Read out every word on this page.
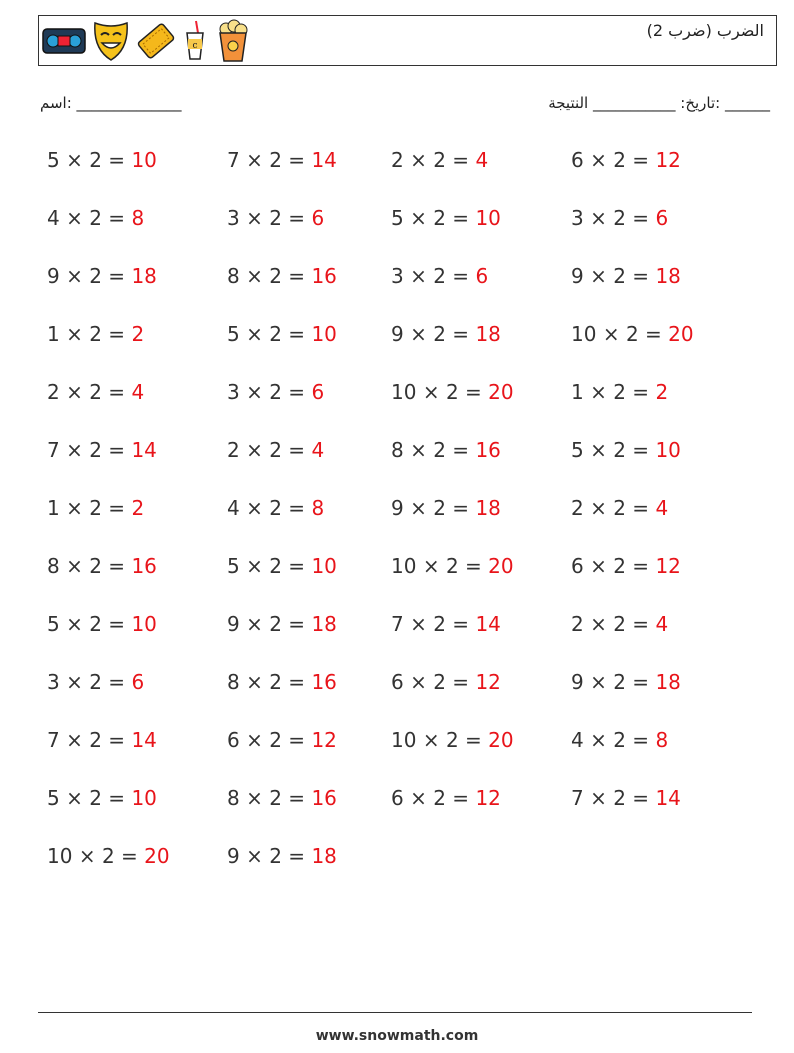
c
الضرب (ضرب 2)
______ :تاريخ: ___________ النتيجة
______________ :اسم
5 × 2 = 10
4 × 2 = 8
9 × 2 = 18
1 × 2 = 2
2 × 2 = 4
7 × 2 = 14
1 × 2 = 2
8 × 2 = 16
5 × 2 = 10
3 × 2 = 6
7 × 2 = 14
5 × 2 = 10
10 × 2 = 20
7 × 2 = 14
3 × 2 = 6
8 × 2 = 16
5 × 2 = 10
3 × 2 = 6
2 × 2 = 4
4 × 2 = 8
5 × 2 = 10
9 × 2 = 18
8 × 2 = 16
6 × 2 = 12
8 × 2 = 16
9 × 2 = 18
2 × 2 = 4
5 × 2 = 10
3 × 2 = 6
9 × 2 = 18
10 × 2 = 20
8 × 2 = 16
9 × 2 = 18
10 × 2 = 20
7 × 2 = 14
6 × 2 = 12
10 × 2 = 20
6 × 2 = 12
6 × 2 = 12
3 × 2 = 6
9 × 2 = 18
10 × 2 = 20
1 × 2 = 2
5 × 2 = 10
2 × 2 = 4
6 × 2 = 12
2 × 2 = 4
9 × 2 = 18
4 × 2 = 8
7 × 2 = 14
www.snowmath.com
